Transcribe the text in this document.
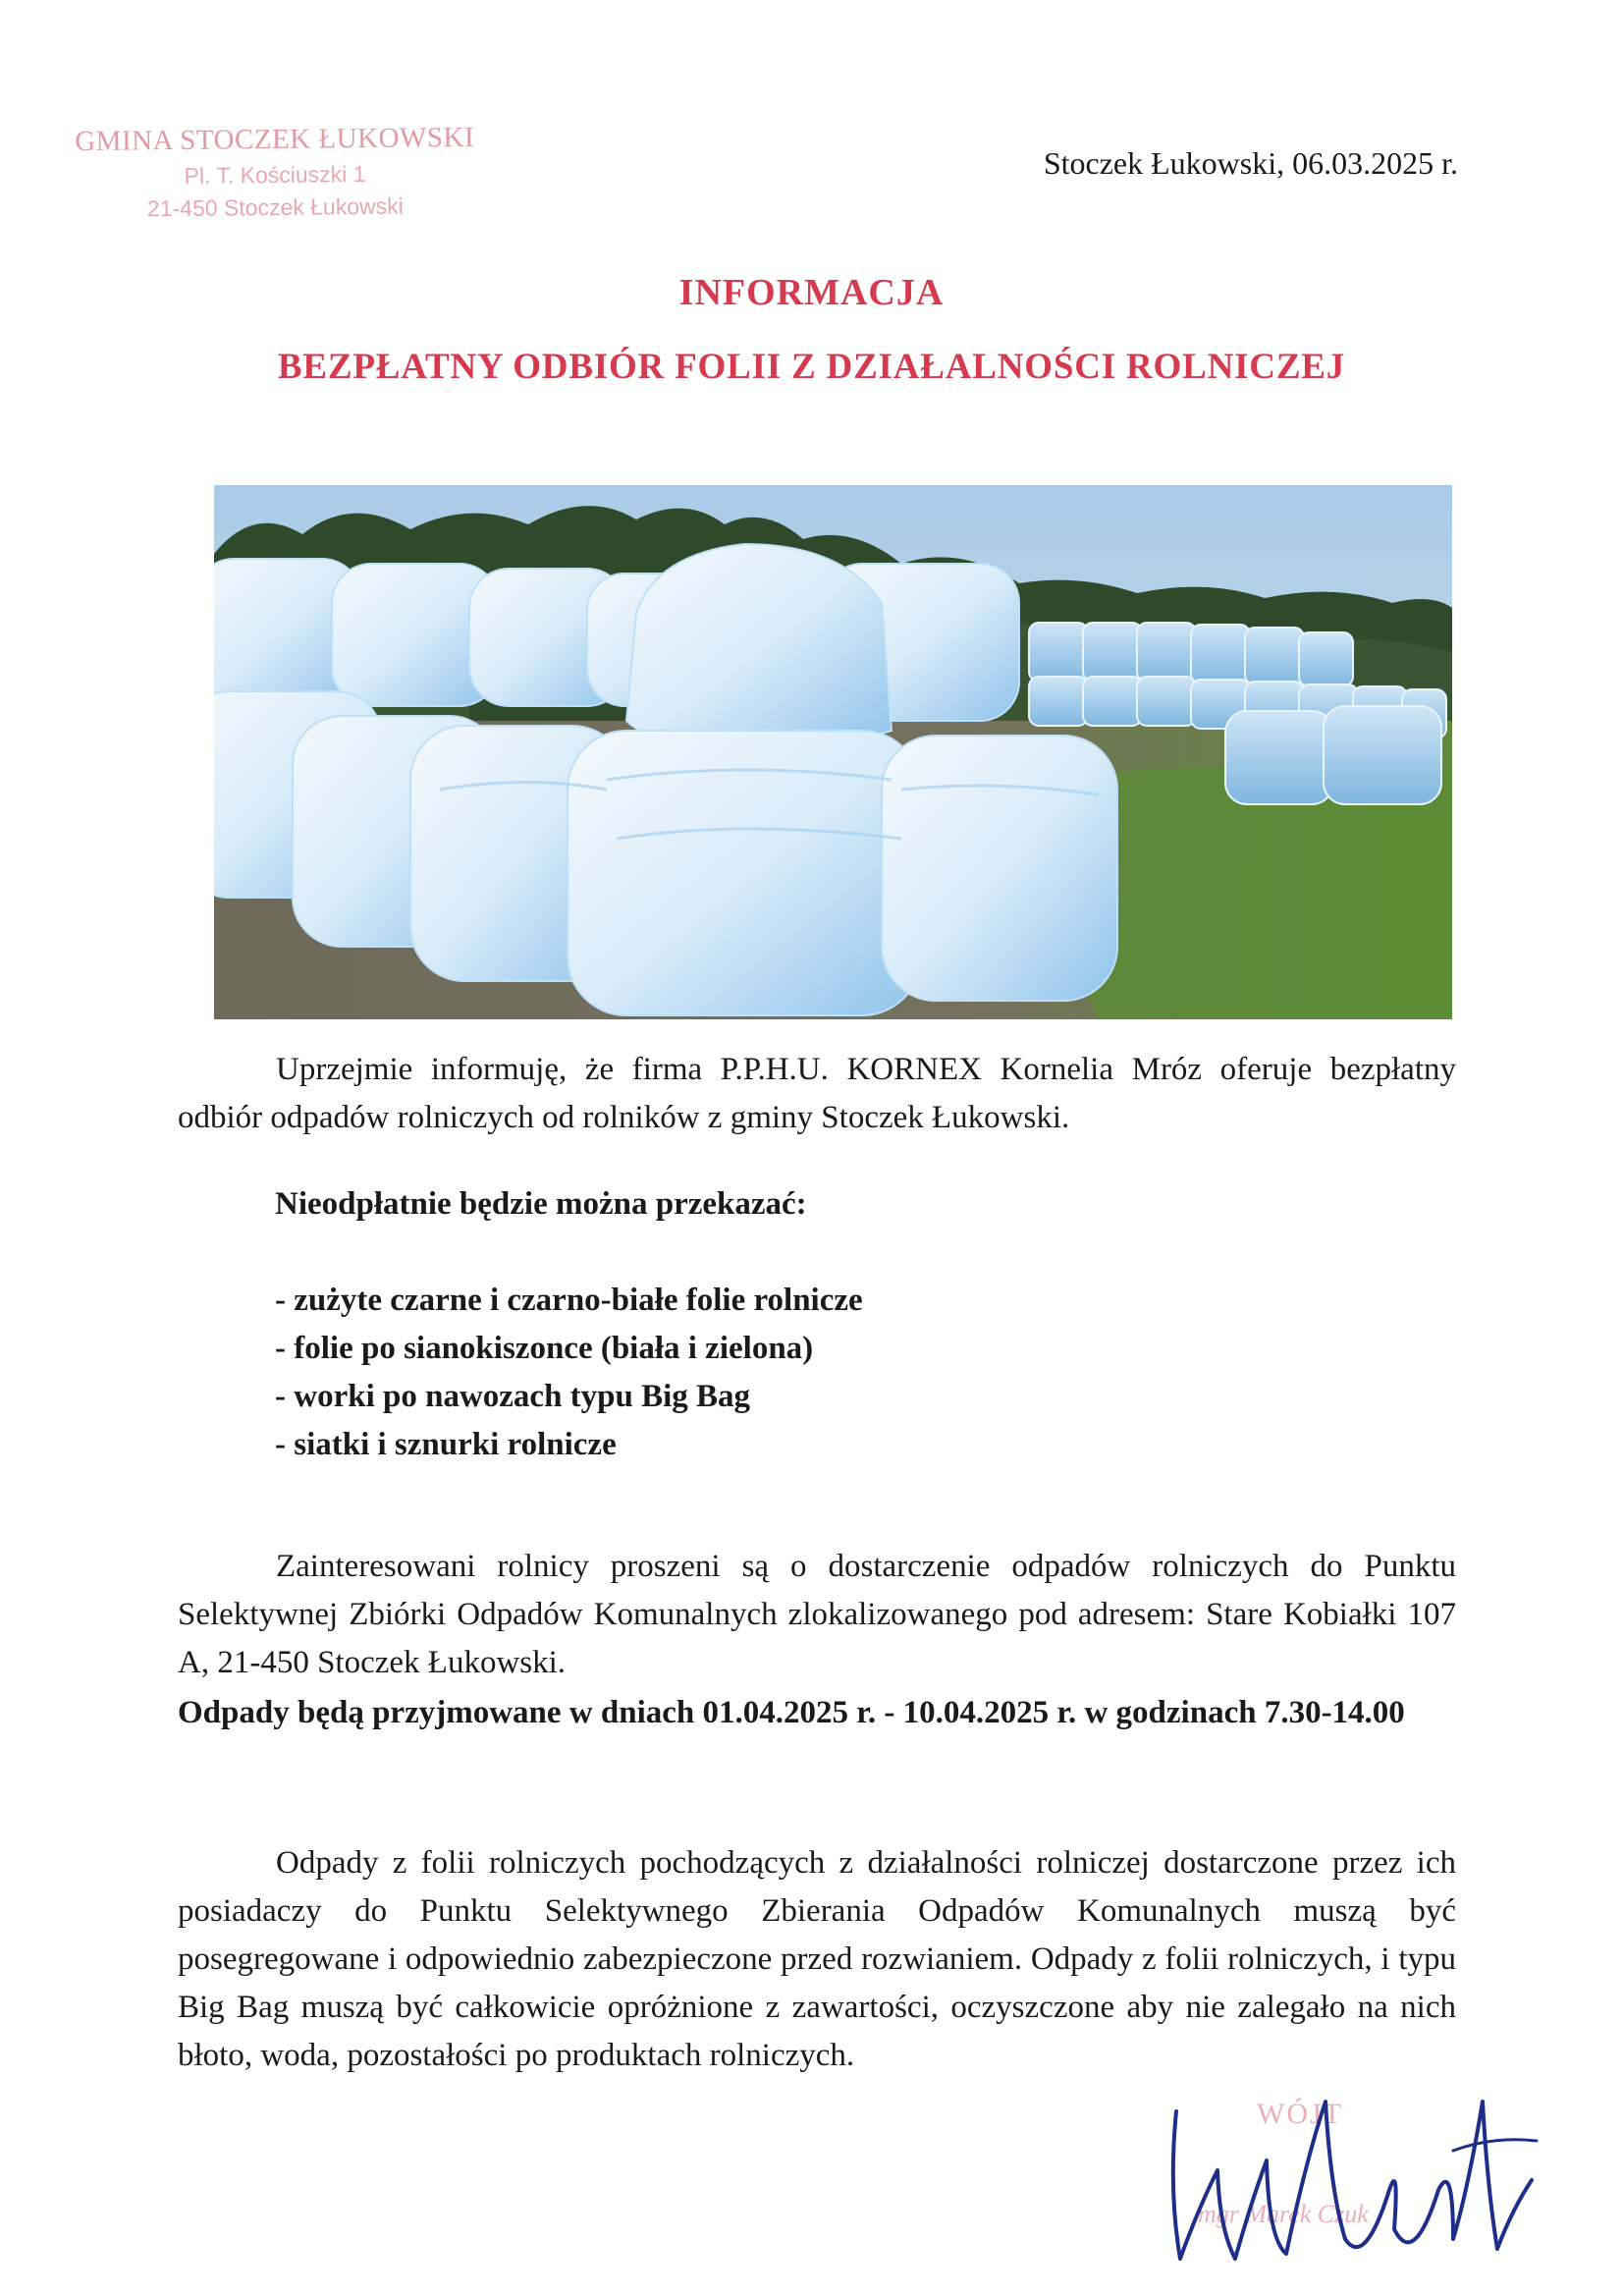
GMINA STOCZEK ŁUKOWSKI
Pl. T. Kościuszki 1
21-450 Stoczek Łukowski
Stoczek Łukowski, 06.03.2025 r.
INFORMACJA
BEZPŁATNY ODBIÓR FOLII Z DZIAŁALNOŚCI ROLNICZEJ
Uprzejmie informuję, że firma P.P.H.U. KORNEX Kornelia Mróz oferuje bezpłatny odbiór odpadów rolniczych od rolników z gminy Stoczek Łukowski.
Nieodpłatnie będzie można przekazać:
- zużyte czarne i czarno-białe folie rolnicze
- folie po sianokiszonce (biała i zielona)
- worki po nawozach typu Big Bag
- siatki i sznurki rolnicze
Zainteresowani rolnicy proszeni są o dostarczenie odpadów rolniczych do Punktu Selektywnej Zbiórki Odpadów Komunalnych zlokalizowanego pod adresem: Stare Kobiałki 107 A, 21-450 Stoczek Łukowski.
Odpady będą przyjmowane w dniach 01.04.2025 r. - 10.04.2025 r. w godzinach 7.30-14.00
Odpady z folii rolniczych pochodzących z działalności rolniczej dostarczone przez ich posiadaczy do Punktu Selektywnego Zbierania Odpadów Komunalnych muszą być posegregowane i odpowiednio zabezpieczone przed rozwianiem. Odpady z folii rolniczych, i typu Big Bag muszą być całkowicie opróżnione z zawartości, oczyszczone aby nie zalegało na nich błoto, woda, pozostałości po produktach rolniczych.
WÓJT
mgr Marek Czuk
